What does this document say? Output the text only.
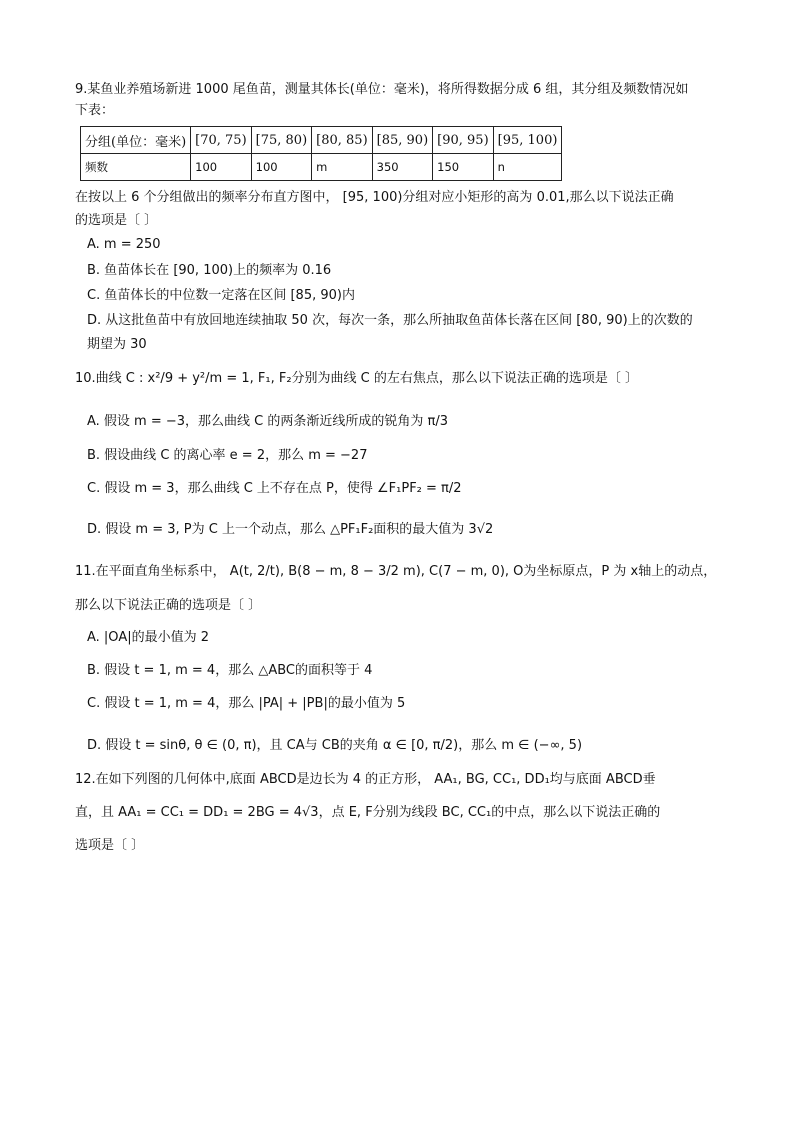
9.某鱼业养殖场新进 1000 尾鱼苗，测量其体长(单位：毫米)，将所得数据分成 6 组，其分组及频数情况如
下表：
分组(单位：毫米)	[70, 75)	[75, 80)	[80, 85)	[85, 90)	[90, 95)	[95, 100)
频数	100	100	m	350	150	n
在按以上 6 个分组做出的频率分布直方图中， [95, 100)分组对应小矩形的高为 0.01,那么以下说法正确
的选项是〔 〕
A. m = 250
B. 鱼苗体长在 [90, 100)上的频率为 0.16
C. 鱼苗体长的中位数一定落在区间 [85, 90)内
D. 从这批鱼苗中有放回地连续抽取 50 次，每次一条，那么所抽取鱼苗体长落在区间 [80, 90)上的次数的
期望为 30
10.曲线 C : x²/9 + y²/m = 1, F₁, F₂分别为曲线 C 的左右焦点，那么以下说法正确的选项是〔 〕
A. 假设 m = −3，那么曲线 C 的两条渐近线所成的锐角为 π/3
B. 假设曲线 C 的离心率 e = 2，那么 m = −27
C. 假设 m = 3，那么曲线 C 上不存在点 P，使得 ∠F₁PF₂ = π/2
D. 假设 m = 3, P为 C 上一个动点，那么 △PF₁F₂面积的最大值为 3√2
11.在平面直角坐标系中， A(t, 2/t), B(8 − m, 8 − 3/2 m), C(7 − m, 0), O为坐标原点，P 为 x轴上的动点，
那么以下说法正确的选项是〔 〕
A. |OA|的最小值为 2
B. 假设 t = 1, m = 4，那么 △ABC的面积等于 4
C. 假设 t = 1, m = 4，那么 |PA| + |PB|的最小值为 5
D. 假设 t = sinθ, θ ∈ (0, π)，且 CA与 CB的夹角 α ∈ [0, π/2)，那么 m ∈ (−∞, 5)
12.在如下列图的几何体中,底面 ABCD是边长为 4 的正方形， AA₁, BG, CC₁, DD₁均与底面 ABCD垂
直，且 AA₁ = CC₁ = DD₁ = 2BG = 4√3，点 E, F分别为线段 BC, CC₁的中点，那么以下说法正确的
选项是〔 〕
